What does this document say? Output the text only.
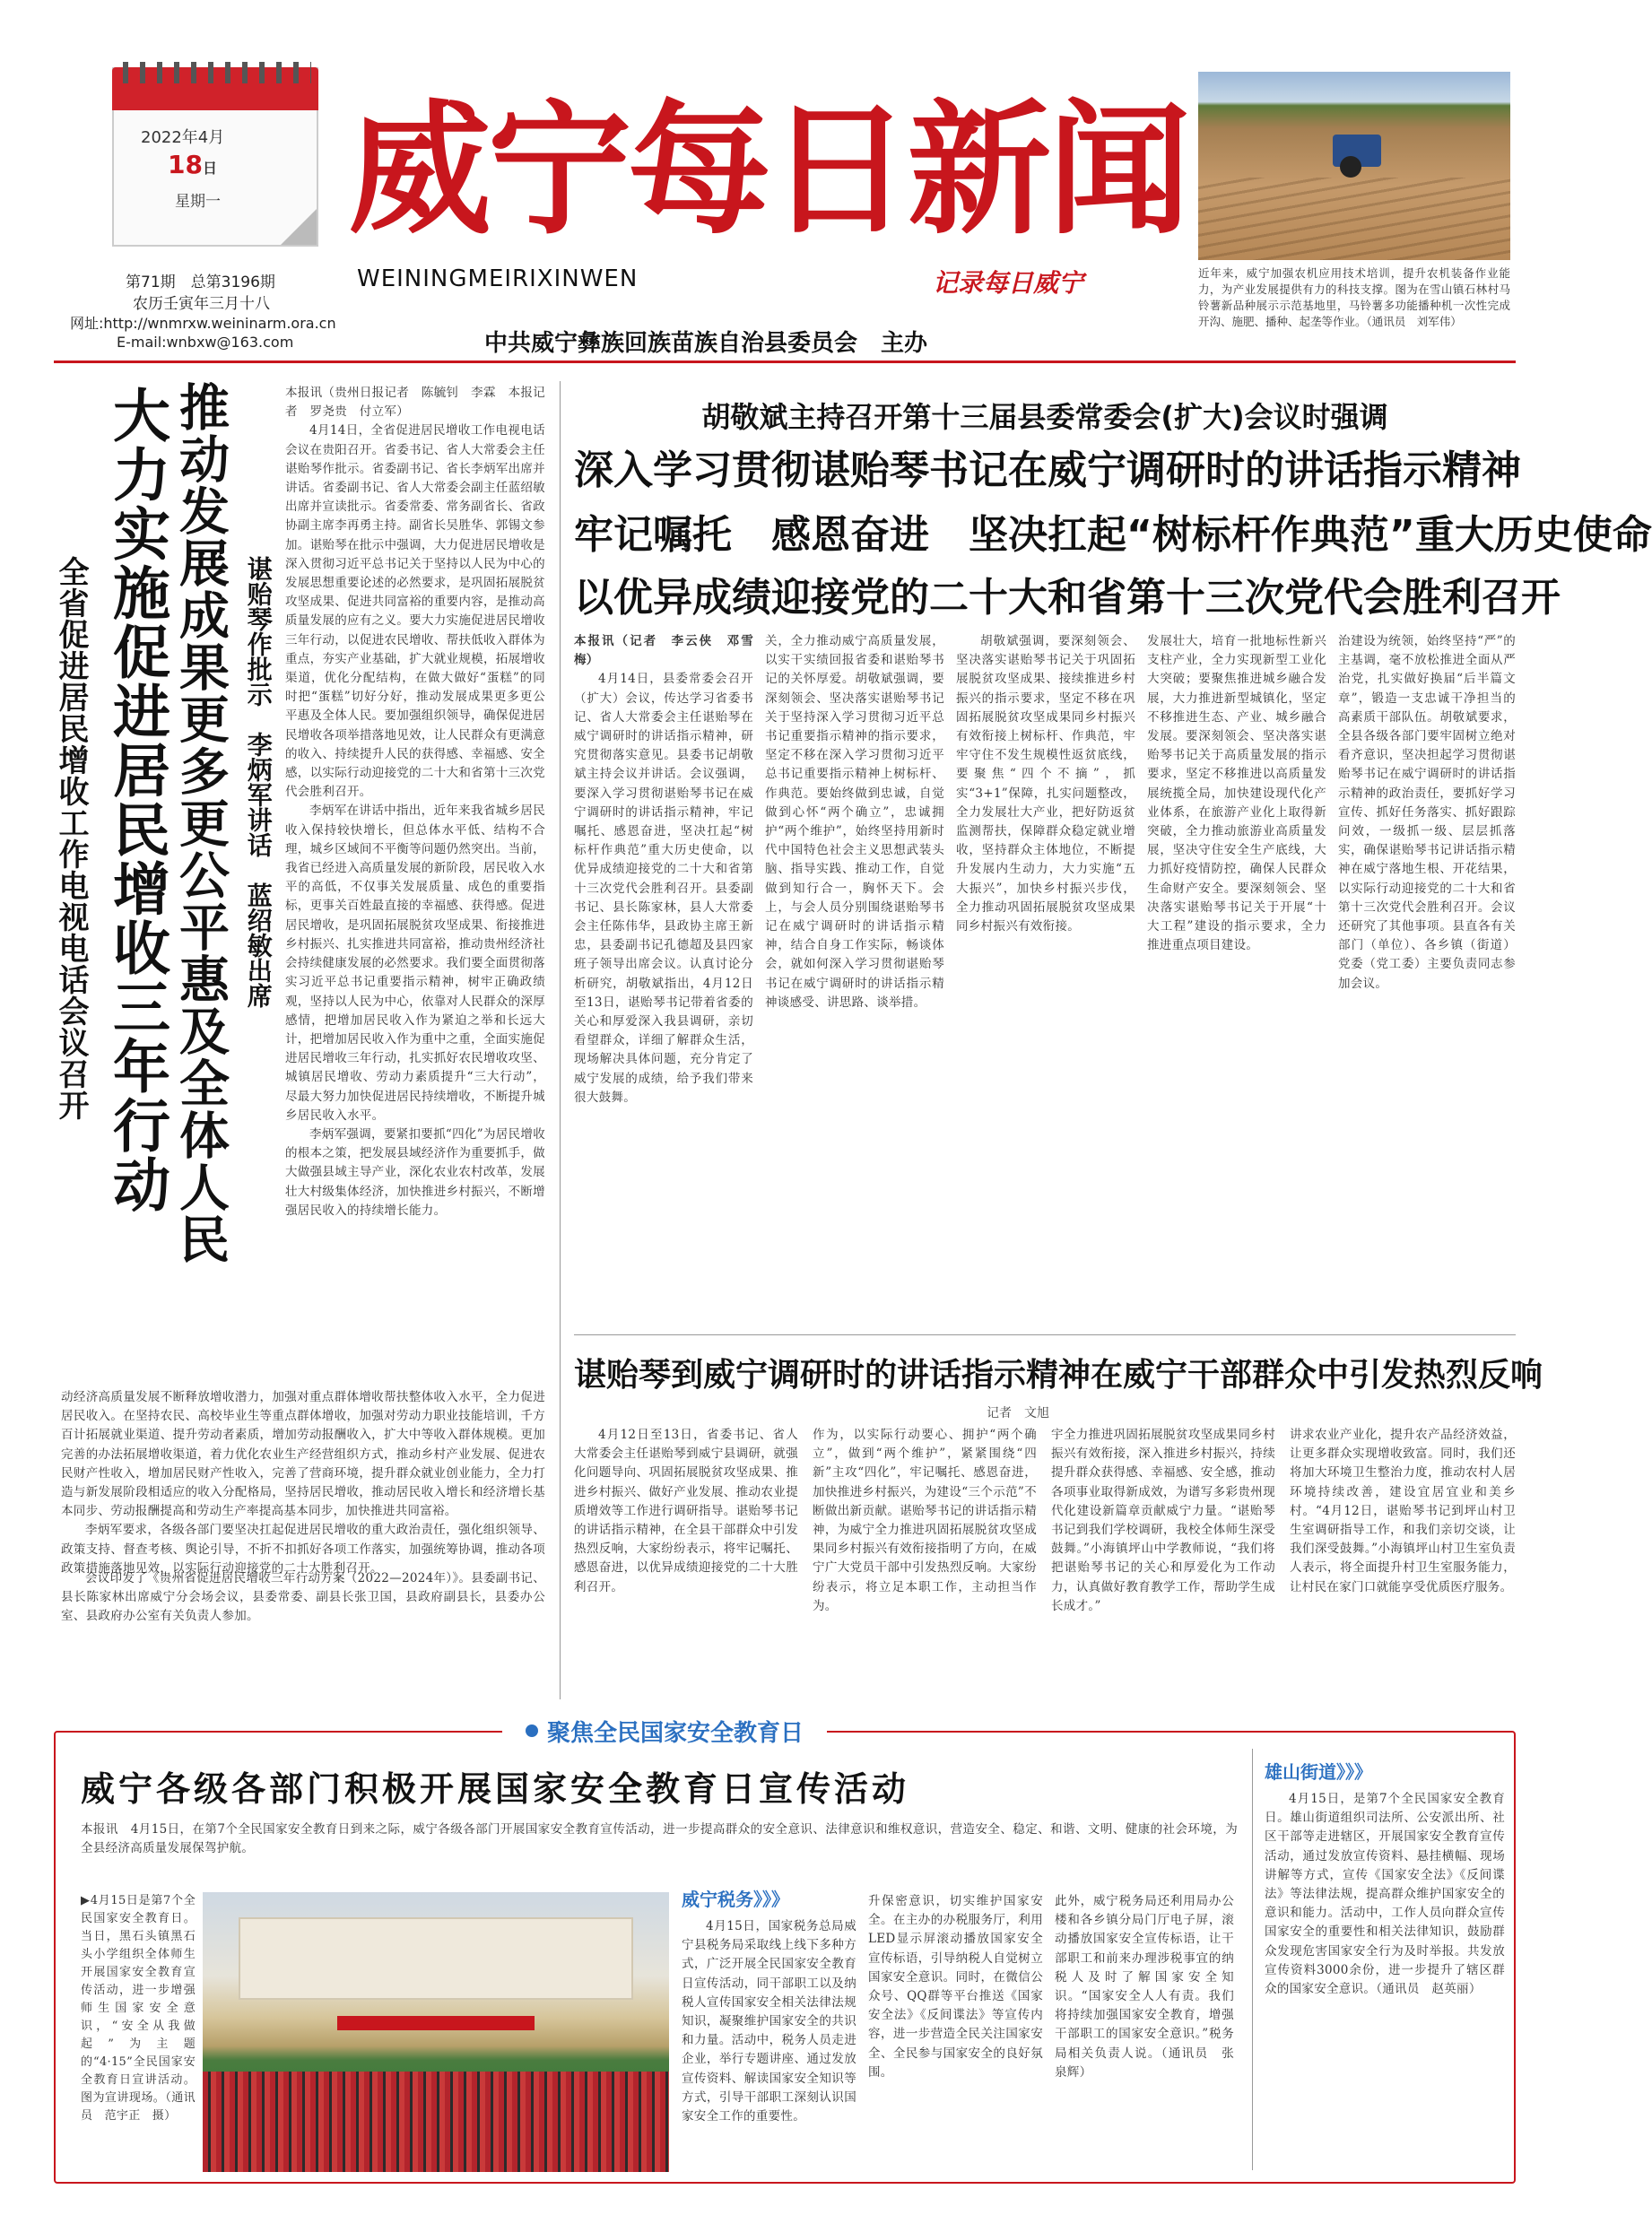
2022年4月
18日
星期一
第71期　总第3196期
农历壬寅年三月十八
网址:http://wnmrxw.weininarm.ora.cn
E-mail:wnbxw@163.com
威宁每日新闻
WEININGMEIRIXINWEN	记录每日威宁
中共威宁彝族回族苗族自治县委员会　主办
近年来，威宁加强农机应用技术培训，提升农机装备作业能力，为产业发展提供有力的科技支撑。图为在雪山镇石林村马铃薯新品种展示示范基地里，马铃薯多功能播种机一次性完成开沟、施肥、播种、起垄等作业。（通讯员　刘军伟）
推动发展成果更多更公平惠及全体人民
大力实施促进居民增收三年行动
全省促进居民增收工作电视电话会议召开	谌贻琴作批示　李炳军讲话　蓝绍敏出席

本报讯（贵州日报记者　陈毓钊　李霖　本报记者　罗尧贵　付立军）

4月14日，全省促进居民增收工作电视电话会议在贵阳召开。省委书记、省人大常委会主任谌贻琴作批示。省委副书记、省长李炳军出席并讲话。省委副书记、省人大常委会副主任蓝绍敏出席并宣读批示。省委常委、常务副省长、省政协副主席李再勇主持。副省长吴胜华、郭锡文参加。谌贻琴在批示中强调，大力促进居民增收是深入贯彻习近平总书记关于坚持以人民为中心的发展思想重要论述的必然要求，是巩固拓展脱贫攻坚成果、促进共同富裕的重要内容，是推动高质量发展的应有之义。要大力实施促进居民增收三年行动，以促进农民增收、帮扶低收入群体为重点，夯实产业基础，扩大就业规模，拓展增收渠道，优化分配结构，在做大做好“蛋糕”的同时把“蛋糕”切好分好，推动发展成果更多更公平惠及全体人民。要加强组织领导，确保促进居民增收各项举措落地见效，让人民群众有更满意的收入、持续提升人民的获得感、幸福感、安全感，以实际行动迎接党的二十大和省第十三次党代会胜利召开。

李炳军在讲话中指出，近年来我省城乡居民收入保持较快增长，但总体水平低、结构不合理，城乡区域间不平衡等问题仍然突出。当前，我省已经进入高质量发展的新阶段，居民收入水平的高低，不仅事关发展质量、成色的重要指标，更事关百姓最直接的幸福感、获得感。促进居民增收，是巩固拓展脱贫攻坚成果、衔接推进乡村振兴、扎实推进共同富裕，推动贵州经济社会持续健康发展的必然要求。我们要全面贯彻落实习近平总书记重要指示精神，树牢正确政绩观，坚持以人民为中心，依靠对人民群众的深厚感情，把增加居民收入作为紧迫之举和长远大计，把增加居民收入作为重中之重，全面实施促进居民增收三年行动，扎实抓好农民增收攻坚、城镇居民增收、劳动力素质提升“三大行动”，尽最大努力加快促进居民持续增收，不断提升城乡居民收入水平。

李炳军强调，要紧扣要抓“四化”为居民增收的根本之策，把发展县域经济作为重要抓手，做大做强县域主导产业，深化农业农村改革，发展壮大村级集体经济，加快推进乡村振兴，不断增强居民收入的持续增长能力。

动经济高质量发展不断释放增收潜力，加强对重点群体增收帮扶整体收入水平，全力促进居民收入。在坚持农民、高校毕业生等重点群体增收，加强对劳动力职业技能培训，千方百计拓展就业渠道、提升劳动者素质，增加劳动报酬收入，扩大中等收入群体规模。更加完善的办法拓展增收渠道，着力优化农业生产经营组织方式，推动乡村产业发展、促进农民财产性收入，增加居民财产性收入，完善了营商环境，提升群众就业创业能力，全力打造与新发展阶段相适应的收入分配格局，坚持居民增收，推动居民收入增长和经济增长基本同步、劳动报酬提高和劳动生产率提高基本同步，加快推进共同富裕。

李炳军要求，各级各部门要坚决扛起促进居民增收的重大政治责任，强化组织领导、政策支持、督查考核、舆论引导，不折不扣抓好各项工作落实，加强统筹协调，推动各项政策措施落地见效，以实际行动迎接党的二十大胜利召开。

会议印发了《贵州省促进居民增收三年行动方案（2022—2024年）》。县委副书记、县长陈家林出席威宁分会场会议，县委常委、副县长张卫国，县政府副县长，县委办公室、县政府办公室有关负责人参加。

胡敬斌主持召开第十三届县委常委会(扩大)会议时强调
深入学习贯彻谌贻琴书记在威宁调研时的讲话指示精神
牢记嘱托　感恩奋进　坚决扛起“树标杆作典范”重大历史使命
以优异成绩迎接党的二十大和省第十三次党代会胜利召开

本报讯（记者　李云侠　邓雪梅）

4月14日，县委常委会召开（扩大）会议，传达学习省委书记、省人大常委会主任谌贻琴在威宁调研时的讲话指示精神，研究贯彻落实意见。县委书记胡敬斌主持会议并讲话。会议强调，要深入学习贯彻谌贻琴书记在威宁调研时的讲话指示精神，牢记嘱托、感恩奋进，坚决扛起“树标杆作典范”重大历史使命，以优异成绩迎接党的二十大和省第十三次党代会胜利召开。县委副书记、县长陈家林，县人大常委会主任陈伟华，县政协主席王新忠，县委副书记孔德超及县四家班子领导出席会议。认真讨论分析研究，胡敬斌指出，4月12日至13日，谌贻琴书记带着省委的关心和厚爱深入我县调研，亲切看望群众，详细了解群众生活，现场解决具体问题，充分肯定了威宁发展的成绩，给予我们带来很大鼓舞。

关，全力推动威宁高质量发展，以实干实绩回报省委和谌贻琴书记的关怀厚爱。胡敬斌强调，要深刻领会、坚决落实谌贻琴书记关于坚持深入学习贯彻习近平总书记重要指示精神的指示要求，坚定不移在深入学习贯彻习近平总书记重要指示精神上树标杆、作典范。要始终做到忠诚，自觉做到心怀“两个确立”，忠诚拥护“两个维护”，始终坚持用新时代中国特色社会主义思想武装头脑、指导实践、推动工作，自觉做到知行合一，胸怀天下。会上，与会人员分别围绕谌贻琴书记在威宁调研时的讲话指示精神，结合自身工作实际，畅谈体会，就如何深入学习贯彻谌贻琴书记在威宁调研时的讲话指示精神谈感受、讲思路、谈举措。

胡敬斌强调，要深刻领会、坚决落实谌贻琴书记关于巩固拓展脱贫攻坚成果、接续推进乡村振兴的指示要求，坚定不移在巩固拓展脱贫攻坚成果同乡村振兴有效衔接上树标杆、作典范，牢牢守住不发生规模性返贫底线，要聚焦“四个不摘”，抓实“3+1”保障，扎实问题整改，全力发展壮大产业，把好防返贫监测帮扶，保障群众稳定就业增收，坚持群众主体地位，不断提升发展内生动力，大力实施“五大振兴”，加快乡村振兴步伐，全力推动巩固拓展脱贫攻坚成果同乡村振兴有效衔接。

发展壮大，培育一批地标性新兴支柱产业，全力实现新型工业化大突破；要聚焦推进城乡融合发展，大力推进新型城镇化，坚定不移推进生态、产业、城乡融合发展。要深刻领会、坚决落实谌贻琴书记关于高质量发展的指示要求，坚定不移推进以高质量发展统揽全局，加快建设现代化产业体系，在旅游产业化上取得新突破，全力推动旅游业高质量发展，坚决守住安全生产底线，大力抓好疫情防控，确保人民群众生命财产安全。要深刻领会、坚决落实谌贻琴书记关于开展“十大工程”建设的指示要求，全力推进重点项目建设。

治建设为统领，始终坚持“严”的主基调，毫不放松推进全面从严治党，扎实做好换届“后半篇文章”，锻造一支忠诚干净担当的高素质干部队伍。胡敬斌要求，全县各级各部门要牢固树立绝对看齐意识，坚决担起学习贯彻谌贻琴书记在威宁调研时的讲话指示精神的政治责任，要抓好学习宣传、抓好任务落实、抓好跟踪问效，一级抓一级、层层抓落实，确保谌贻琴书记讲话指示精神在威宁落地生根、开花结果，以实际行动迎接党的二十大和省第十三次党代会胜利召开。会议还研究了其他事项。县直各有关部门（单位）、各乡镇（街道）党委（党工委）主要负责同志参加会议。

谌贻琴到威宁调研时的讲话指示精神在威宁干部群众中引发热烈反响
记者　文旭

4月12日至13日，省委书记、省人大常委会主任谌贻琴到威宁县调研，就强化问题导向、巩固拓展脱贫攻坚成果、推进乡村振兴、做好产业发展、推动农业提质增效等工作进行调研指导。谌贻琴书记的讲话指示精神，在全县干部群众中引发热烈反响，大家纷纷表示，将牢记嘱托、感恩奋进，以优异成绩迎接党的二十大胜利召开。

作为，以实际行动要心、拥护“两个确立”，做到“两个维护”，紧紧围绕“四新”主攻“四化”，牢记嘱托、感恩奋进，加快推进乡村振兴，为建设“三个示范”不断做出新贡献。谌贻琴书记的讲话指示精神，为威宁全力推进巩固拓展脱贫攻坚成果同乡村振兴有效衔接指明了方向，在威宁广大党员干部中引发热烈反响。大家纷纷表示，将立足本职工作，主动担当作为。

宇全力推进巩固拓展脱贫攻坚成果同乡村振兴有效衔接，深入推进乡村振兴，持续提升群众获得感、幸福感、安全感，推动各项事业取得新成效，为谱写多彩贵州现代化建设新篇章贡献威宁力量。“谌贻琴书记到我们学校调研，我校全体师生深受鼓舞。”小海镇坪山中学教师说，“我们将把谌贻琴书记的关心和厚爱化为工作动力，认真做好教育教学工作，帮助学生成长成才。”

讲求农业产业化，提升农产品经济效益，让更多群众实现增收致富。同时，我们还将加大环境卫生整治力度，推动农村人居环境持续改善，建设宜居宜业和美乡村。“4月12日，谌贻琴书记到坪山村卫生室调研指导工作，和我们亲切交谈，让我们深受鼓舞。”小海镇坪山村卫生室负责人表示，将全面提升村卫生室服务能力，让村民在家门口就能享受优质医疗服务。

聚焦全民国家安全教育日
威宁各级各部门积极开展国家安全教育日宣传活动

本报讯　4月15日，在第7个全民国家安全教育日到来之际，威宁各级各部门开展国家安全教育宣传活动，进一步提高群众的安全意识、法律意识和维权意识，营造安全、稳定、和谐、文明、健康的社会环境，为全县经济高质量发展保驾护航。

▶4月15日是第7个全民国家安全教育日。当日，黑石头镇黑石头小学组织全体师生开展国家安全教育宣传活动，进一步增强师生国家安全意识，“安全从我做起”为主题的“4·15”全民国家安全教育日宣讲活动。图为宣讲现场。（通讯员　范宇正　摄）

威宁税务》》》

4月15日，国家税务总局威宁县税务局采取线上线下多种方式，广泛开展全民国家安全教育日宣传活动，同干部职工以及纳税人宣传国家安全相关法律法规知识，凝聚维护国家安全的共识和力量。活动中，税务人员走进企业，举行专题讲座、通过发放宣传资料、解读国家安全知识等方式，引导干部职工深刻认识国家安全工作的重要性。

升保密意识，切实维护国家安全。在主办的办税服务厅，利用LED显示屏滚动播放国家安全宣传标语，引导纳税人自觉树立国家安全意识。同时，在微信公众号、QQ群等平台推送《国家安全法》《反间谍法》等宣传内容，进一步营造全民关注国家安全、全民参与国家安全的良好氛围。

此外，威宁税务局还利用局办公楼和各乡镇分局门厅电子屏，滚动播放国家安全宣传标语，让干部职工和前来办理涉税事宜的纳税人及时了解国家安全知识。“国家安全人人有责。我们将持续加强国家安全教育，增强干部职工的国家安全意识。”税务局相关负责人说。（通讯员　张泉辉）

雄山街道》》》

4月15日，是第7个全民国家安全教育日。雄山街道组织司法所、公安派出所、社区干部等走进辖区，开展国家安全教育宣传活动，通过发放宣传资料、悬挂横幅、现场讲解等方式，宣传《国家安全法》《反间谍法》等法律法规，提高群众维护国家安全的意识和能力。活动中，工作人员向群众宣传国家安全的重要性和相关法律知识，鼓励群众发现危害国家安全行为及时举报。共发放宣传资料3000余份，进一步提升了辖区群众的国家安全意识。（通讯员　赵英丽）
